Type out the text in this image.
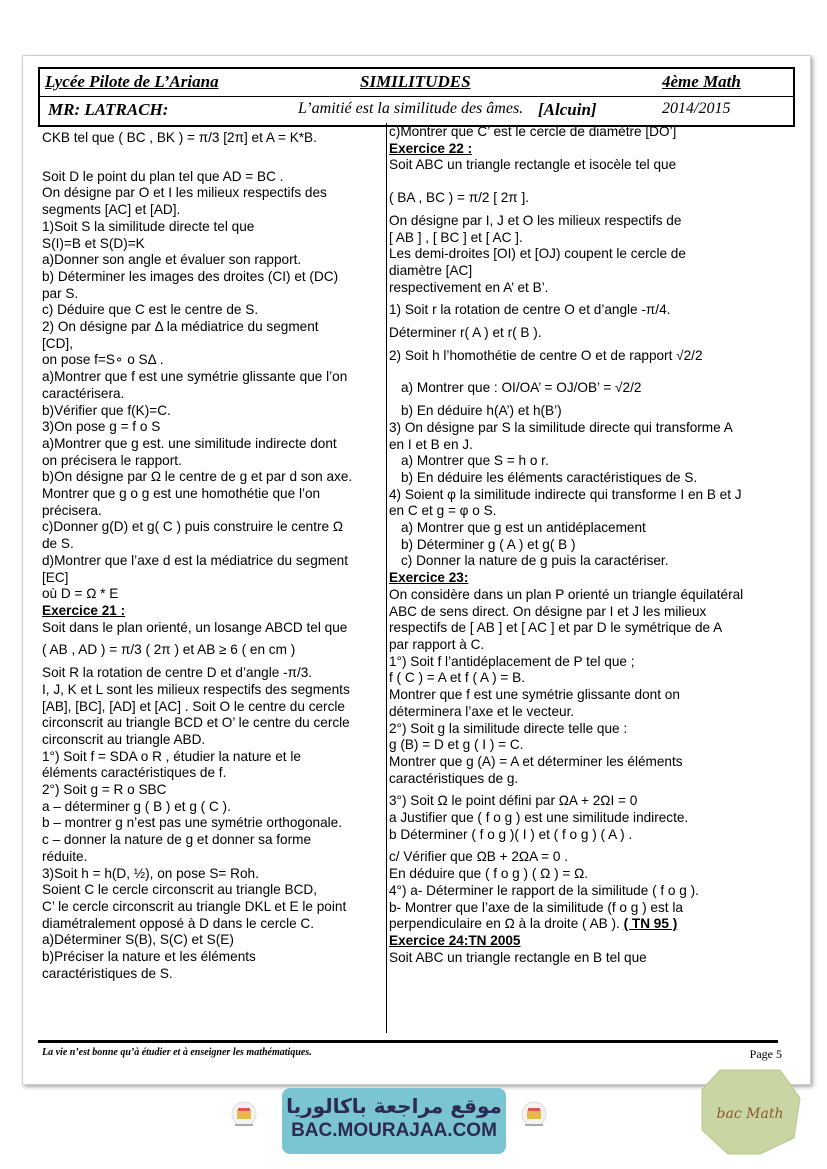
Lycée Pilote de L’Ariana	SIMILITUDES	4ème Math
MR: LATRACH:	L’amitié est la similitude des âmes. [Alcuin]	2014/2015

CKB tel que ( BC , BK ) = π/3 [2π] et A = K*B.

Soit D le point du plan tel que AD = BC .

On désigne par O et I les milieux respectifs des

segments [AC] et [AD].

1)Soit S la similitude directe tel que

S(I)=B et S(D)=K

a)Donner son angle et évaluer son rapport.

b) Déterminer les images des droites (CI) et (DC)

par S.

c) Déduire que C est le centre de S.

2) On désigne par Δ la médiatrice du segment

[CD],

on pose f=S∘ o SΔ .

a)Montrer que f est une symétrie glissante que l’on

caractérisera.

b)Vérifier que f(K)=C.

3)On pose g = f o S

a)Montrer que g est. une similitude indirecte dont

on précisera le rapport.

b)On désigne par Ω le centre de g et par d son axe.

Montrer que g o g est une homothétie que l’on

précisera.

c)Donner g(D) et g( C ) puis construire le centre Ω

de S.

d)Montrer que l’axe d est la médiatrice du segment

[EC]

où D = Ω * E

Exercice 21 :

Soit dans le plan orienté, un losange ABCD tel que

( AB , AD ) = π/3 ( 2π ) et AB ≥ 6 ( en cm )

Soit R la rotation de centre D et d’angle -π/3.

I, J, K et L sont les milieux respectifs des segments

[AB], [BC], [AD] et [AC] . Soit O le centre du cercle

circonscrit au triangle BCD et O’ le centre du cercle

circonscrit au triangle ABD.

1°) Soit f = SDA o R , étudier la nature et le

éléments caractéristiques de f.

2°) Soit g = R o SBC

a – déterminer g ( B ) et g ( C ).

b – montrer g n’est pas une symétrie orthogonale.

c – donner la nature de g et donner sa forme

réduite.

3)Soit h = h(D, ½), on pose S= Roh.

Soient C le cercle circonscrit au triangle BCD,

C’ le cercle circonscrit au triangle DKL et E le point

diamétralement opposé à D dans le cercle C.

a)Déterminer S(B), S(C) et S(E)

b)Préciser la nature et les éléments

caractéristiques de S.

c)Montrer que C’ est le cercle de diamètre [DO’]

Exercice 22 :

Soit ABC un triangle rectangle et isocèle tel que

( BA , BC ) = π/2 [ 2π ].

On désigne par I, J et O les milieux respectifs de

[ AB ] , [ BC ] et [ AC ].

Les demi-droites [OI) et [OJ) coupent le cercle de

diamètre [AC]

respectivement en A’ et B’.

1) Soit r la rotation de centre O et d’angle -π/4.

Déterminer r( A ) et r( B ).

2) Soit h l’homothétie de centre O et de rapport √2/2

a) Montrer que : OI/OA’ = OJ/OB’ = √2/2

b) En déduire h(A’) et h(B’)

3) On désigne par S la similitude directe qui transforme A

en I et B en J.

a) Montrer que S = h o r.

b) En déduire les éléments caractéristiques de S.

4) Soient φ la similitude indirecte qui transforme I en B et J

en C et g = φ o S.

a) Montrer que g est un antidéplacement

b) Déterminer g ( A ) et g( B )

c) Donner la nature de g puis la caractériser.

Exercice 23:

On considère dans un plan P orienté un triangle équilatéral

ABC de sens direct. On désigne par I et J les milieux

respectifs de [ AB ] et [ AC ] et par D le symétrique de A

par rapport à C.

1°) Soit f l’antidéplacement de P tel que ;

f ( C ) = A et f ( A ) = B.

Montrer que f est une symétrie glissante dont on

déterminera l’axe et le vecteur.

2°) Soit g la similitude directe telle que :

g (B) = D et g ( I ) = C.

Montrer que g (A) = A et déterminer les éléments

caractéristiques de g.

3°) Soit Ω le point défini par ΩA + 2ΩI = 0

a Justifier que ( f o g ) est une similitude indirecte.

b Déterminer ( f o g )( I ) et ( f o g ) ( A ) .

c/ Vérifier que ΩB + 2ΩA = 0 .

En déduire que ( f o g ) ( Ω ) = Ω.

4°) a- Déterminer le rapport de la similitude ( f o g ).

b- Montrer que l’axe de la similitude (f o g ) est la

perpendiculaire en Ω à la droite ( AB ). ( TN 95 )

Exercice 24:TN 2005

Soit ABC un triangle rectangle en B tel que

La vie n’est bonne qu’à étudier et à enseigner les mathématiques.	Page 5
موقع مراجعة باكالوريا
BAC.MOURAJAA.COM
bac Math
